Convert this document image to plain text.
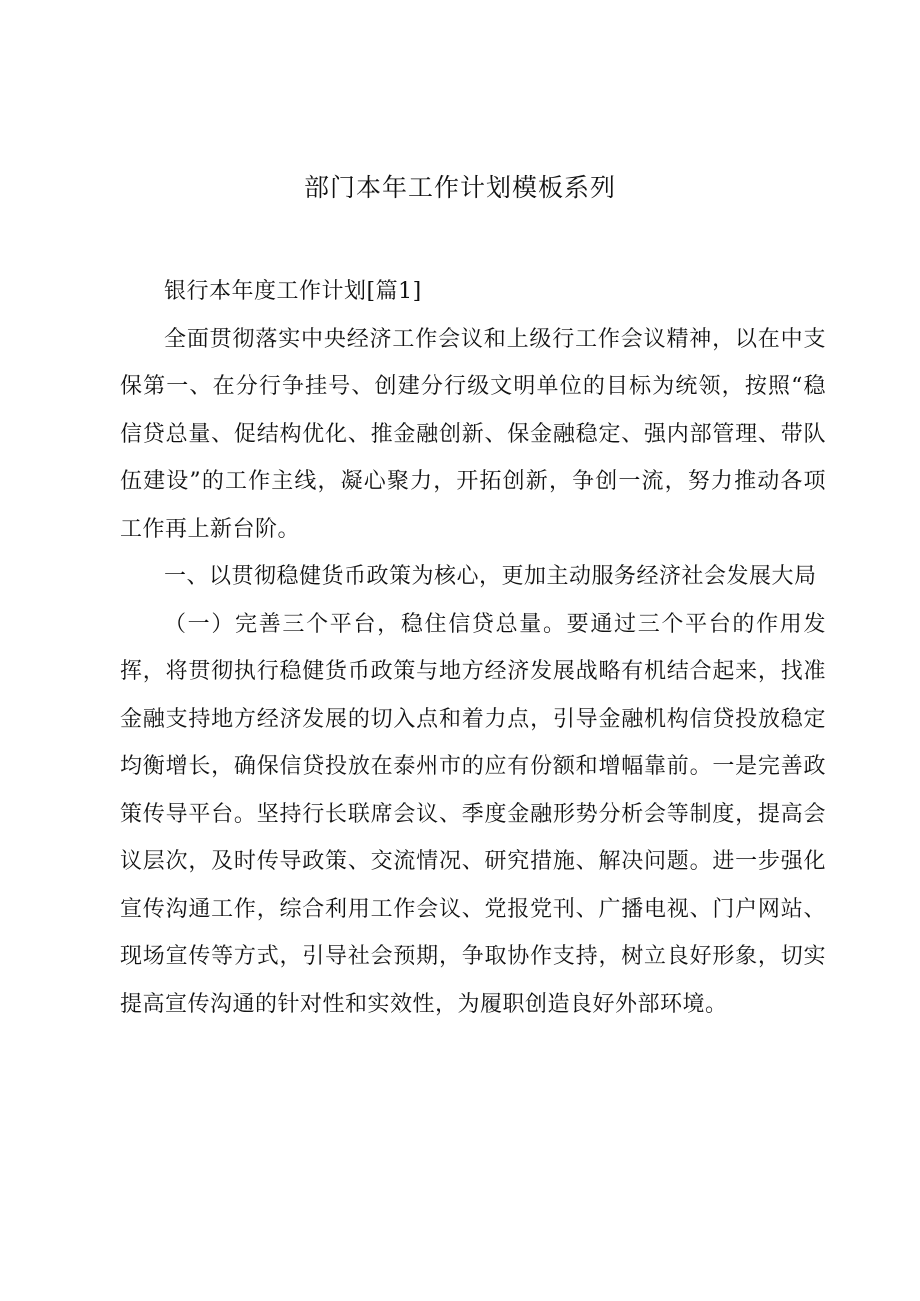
部门本年工作计划模板系列

银行本年度工作计划[篇1]

全面贯彻落实中央经济工作会议和上级行工作会议精神，以在中支保第一、在分行争挂号、创建分行级文明单位的目标为统领，按照“稳信贷总量、促结构优化、推金融创新、保金融稳定、强内部管理、带队伍建设”的工作主线，凝心聚力，开拓创新，争创一流，努力推动各项工作再上新台阶。

一、以贯彻稳健货币政策为核心，更加主动服务经济社会发展大局

（一）完善三个平台，稳住信贷总量。要通过三个平台的作用发挥，将贯彻执行稳健货币政策与地方经济发展战略有机结合起来，找准金融支持地方经济发展的切入点和着力点，引导金融机构信贷投放稳定均衡增长，确保信贷投放在泰州市的应有份额和增幅靠前。一是完善政策传导平台。坚持行长联席会议、季度金融形势分析会等制度，提高会议层次，及时传导政策、交流情况、研究措施、解决问题。进一步强化宣传沟通工作，综合利用工作会议、党报党刊、广播电视、门户网站、现场宣传等方式，引导社会预期，争取协作支持，树立良好形象，切实提高宣传沟通的针对性和实效性，为履职创造良好外部环境。
